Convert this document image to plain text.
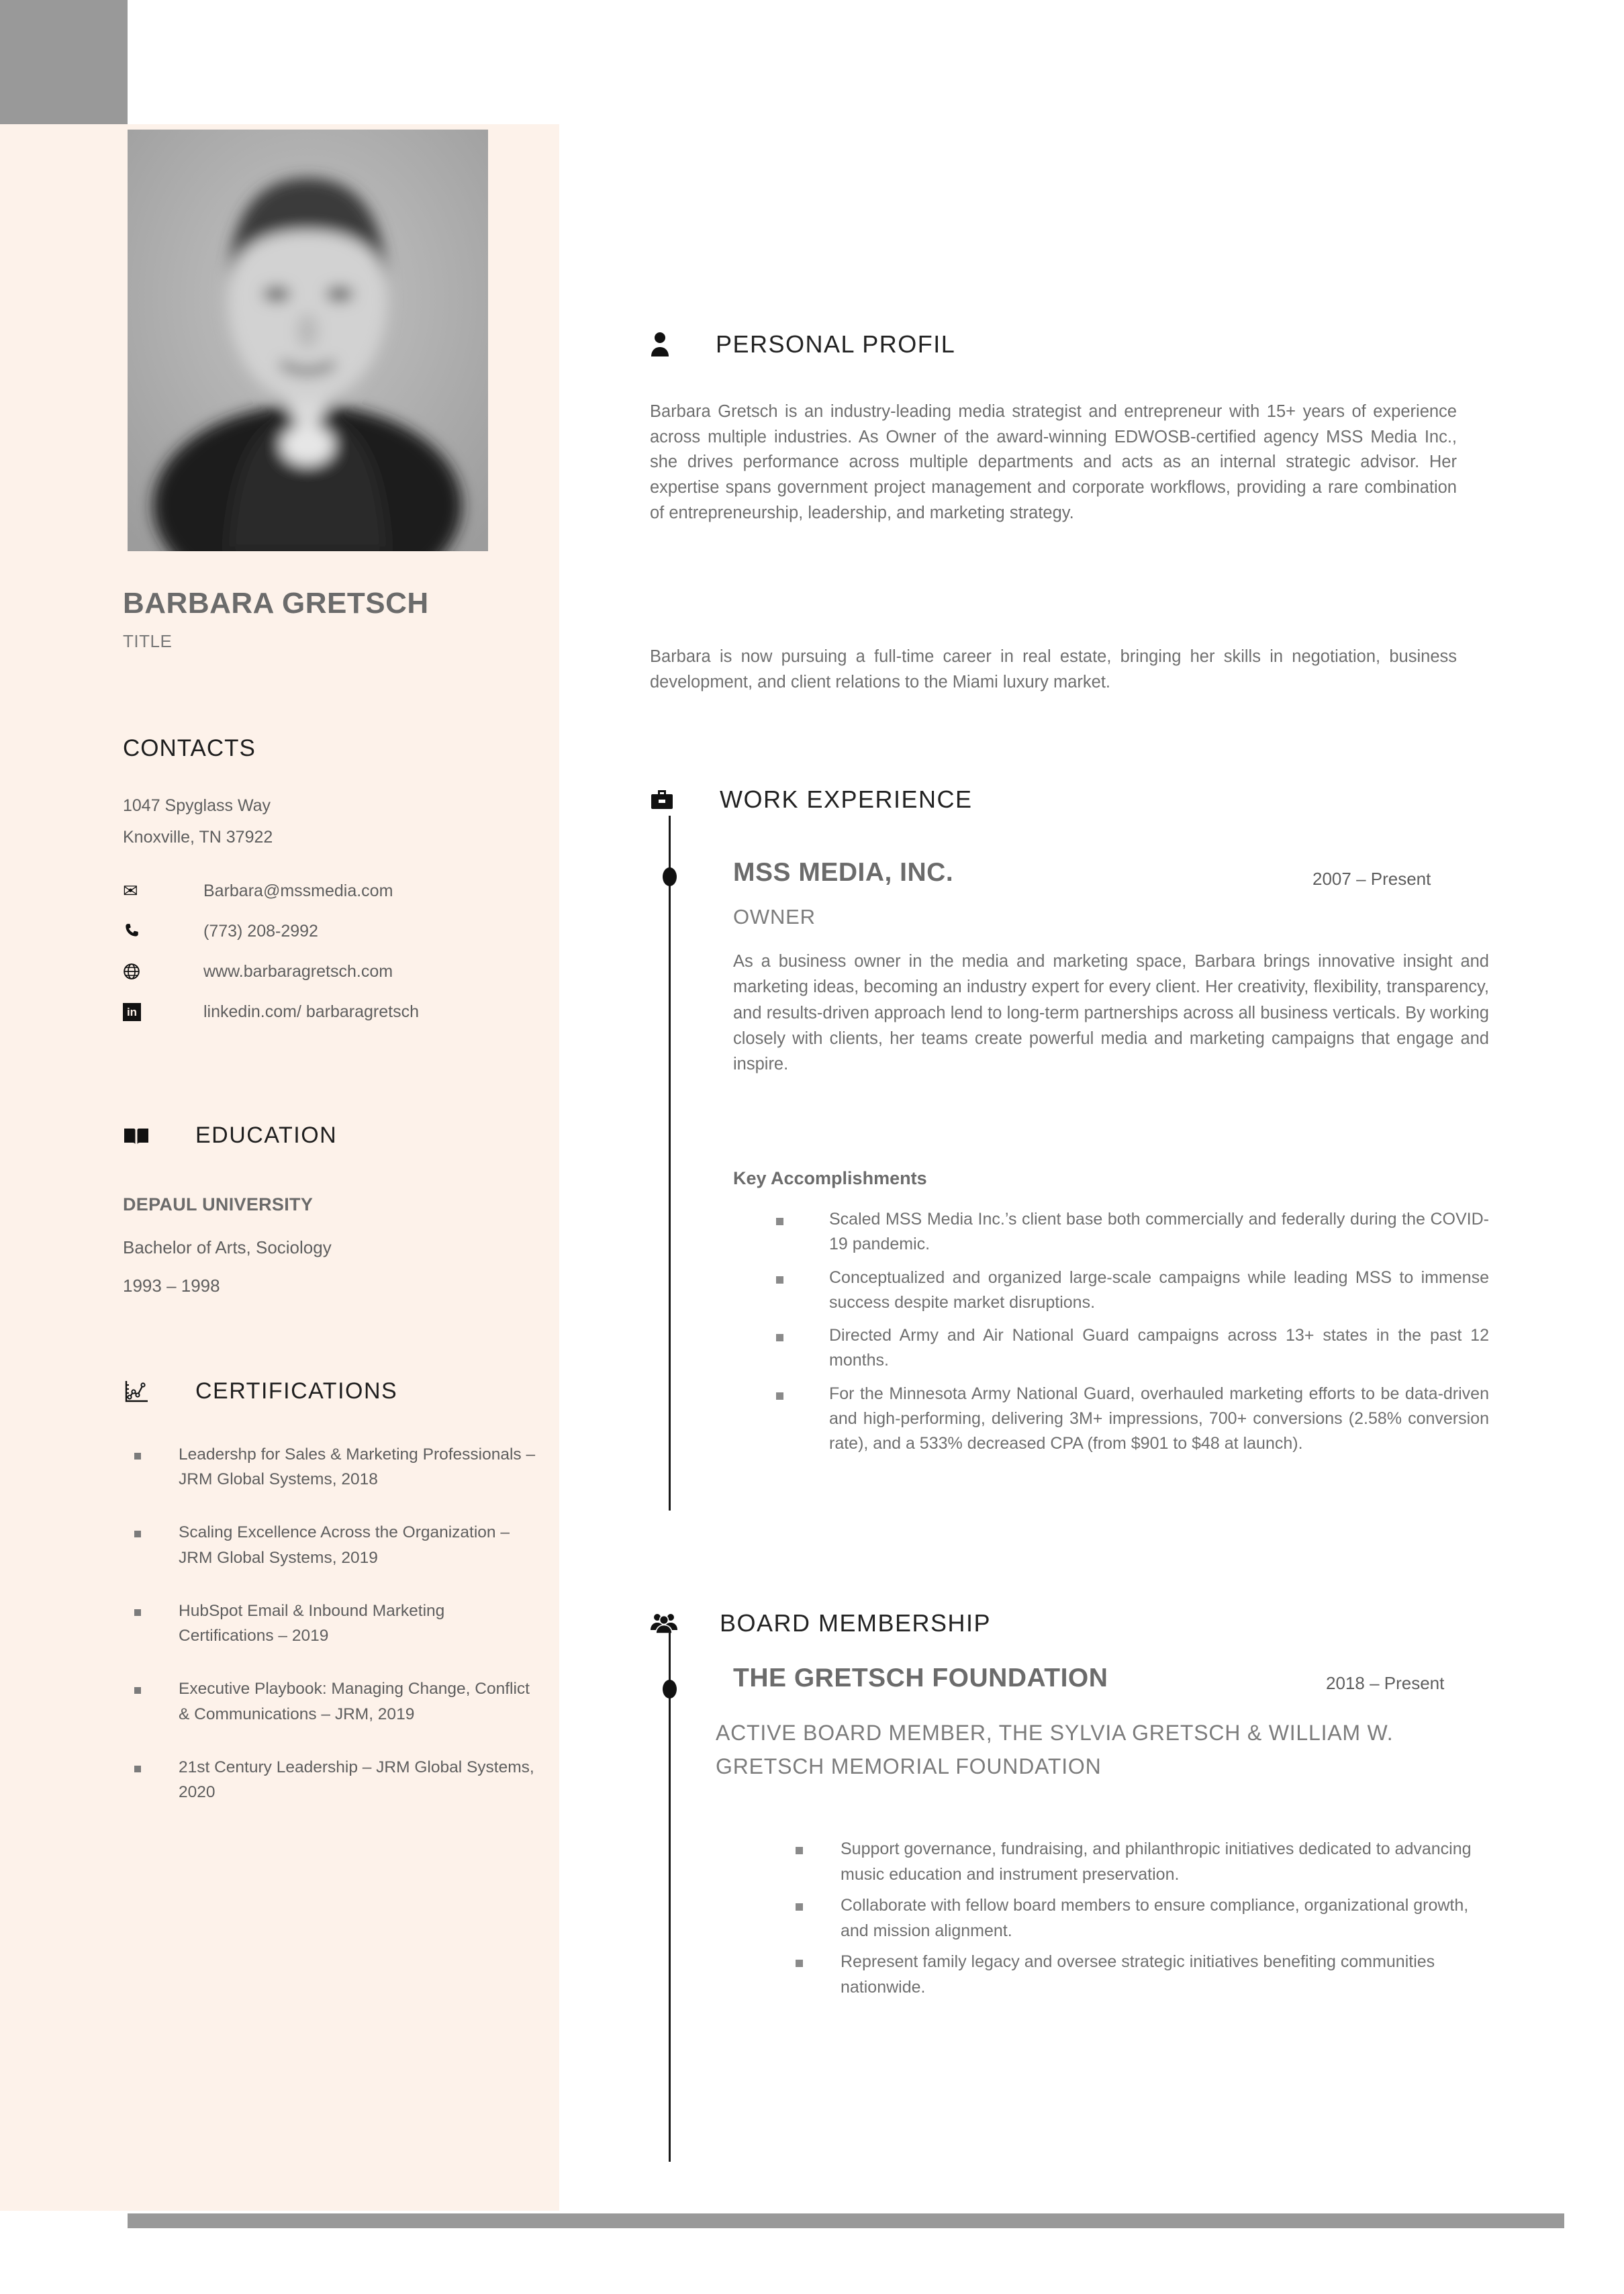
BARBARA GRETSCH
TITLE
CONTACTS
1047 Spyglass Way
Knoxville, TN 37922
✉	Barbara@mssmedia.com
(773) 208-2992
www.barbaragretsch.com
in	linkedin.com/ barbaragretsch
EDUCATION
DEPAUL UNIVERSITY
Bachelor of Arts, Sociology
1993 – 1998
CERTIFICATIONS
Leadershp for Sales & Marketing Professionals – JRM Global Systems, 2018
Scaling Excellence Across the Organization – JRM Global Systems, 2019
HubSpot Email & Inbound Marketing Certifications – 2019
Executive Playbook: Managing Change, Conflict & Communications – JRM, 2019
21st Century Leadership – JRM Global Systems, 2020
PERSONAL PROFIL
Barbara Gretsch is an industry-leading media strategist and entrepreneur with 15+ years of experience across multiple industries. As Owner of the award-winning EDWOSB-certified agency MSS Media Inc., she drives performance across multiple departments and acts as an internal strategic advisor. Her expertise spans government project management and corporate workflows, providing a rare combination of entrepreneurship, leadership, and marketing strategy.
Barbara is now pursuing a full-time career in real estate, bringing her skills in negotiation, business development, and client relations to the Miami luxury market.
WORK EXPERIENCE
MSS MEDIA, INC.	2007 – Present
OWNER
As a business owner in the media and marketing space, Barbara brings innovative insight and marketing ideas, becoming an industry expert for every client. Her creativity, flexibility, transparency, and results-driven approach lend to long-term partnerships across all business verticals. By working closely with clients, her teams create powerful media and marketing campaigns that engage and inspire.
Key Accomplishments
Scaled MSS Media Inc.’s client base both commercially and federally during the COVID-19 pandemic.
Conceptualized and organized large-scale campaigns while leading MSS to immense success despite market disruptions.
Directed Army and Air National Guard campaigns across 13+ states in the past 12 months.
For the Minnesota Army National Guard, overhauled marketing efforts to be data-driven and high-performing, delivering 3M+ impressions, 700+ conversions (2.58% conversion rate), and a 533% decreased CPA (from $901 to $48 at launch).
BOARD MEMBERSHIP
THE GRETSCH FOUNDATION	2018 – Present
ACTIVE BOARD MEMBER, THE SYLVIA GRETSCH & WILLIAM W. GRETSCH MEMORIAL FOUNDATION
Support governance, fundraising, and philanthropic initiatives dedicated to advancing music education and instrument preservation.
Collaborate with fellow board members to ensure compliance, organizational growth, and mission alignment.
Represent family legacy and oversee strategic initiatives benefiting communities nationwide.
